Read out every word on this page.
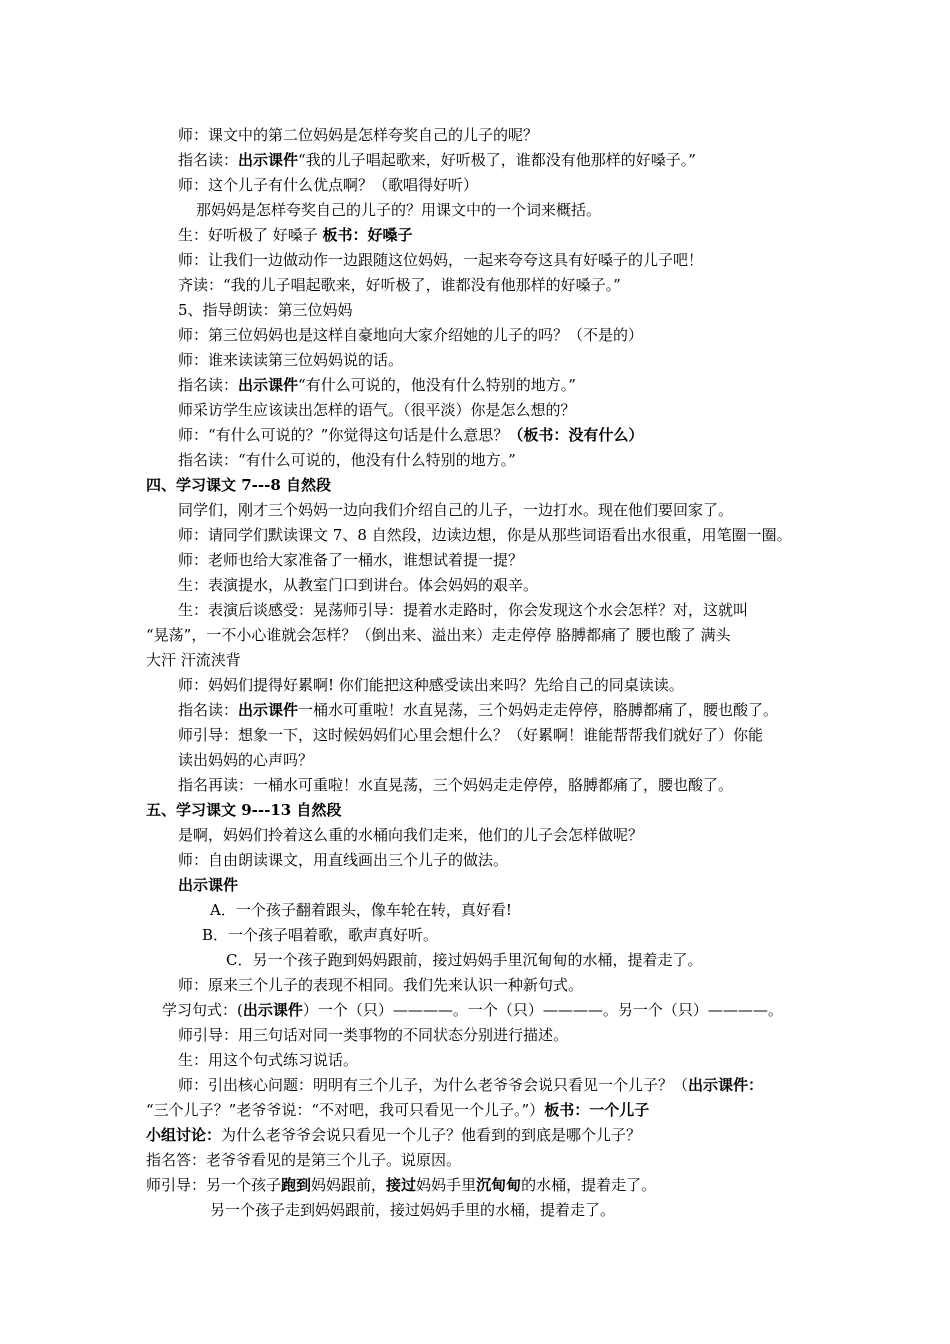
师：课文中的第二位妈妈是怎样夸奖自己的儿子的呢？
指名读：出示课件“我的儿子唱起歌来，好听极了，谁都没有他那样的好嗓子。”
师：这个儿子有什么优点啊？（歌唱得好听）
那妈妈是怎样夸奖自己的儿子的？用课文中的一个词来概括。
生：好听极了 好嗓子 板书：好嗓子
师：让我们一边做动作一边跟随这位妈妈，一起来夸夸这具有好嗓子的儿子吧！
齐读：“我的儿子唱起歌来，好听极了，谁都没有他那样的好嗓子。”
5、指导朗读：第三位妈妈
师：第三位妈妈也是这样自豪地向大家介绍她的儿子的吗？（不是的）
师：谁来读读第三位妈妈说的话。
指名读：出示课件“有什么可说的，他没有什么特别的地方。”
师采访学生应该读出怎样的语气。（很平淡）你是怎么想的？
师：“有什么可说的？”你觉得这句话是什么意思？（板书：没有什么）
指名读：“有什么可说的，他没有什么特别的地方。”
四、学习课文 7---8 自然段
同学们，刚才三个妈妈一边向我们介绍自己的儿子，一边打水。现在他们要回家了。
师：请同学们默读课文 7、8 自然段，边读边想，你是从那些词语看出水很重，用笔圈一圈。
师：老师也给大家准备了一桶水，谁想试着提一提？
生：表演提水，从教室门口到讲台。体会妈妈的艰辛。
生：表演后谈感受：晃荡师引导：提着水走路时，你会发现这个水会怎样？对，这就叫
“晃荡”，一不小心谁就会怎样？（倒出来、溢出来）走走停停 胳膊都痛了 腰也酸了 满头
大汗 汗流浃背
师：妈妈们提得好累啊! 你们能把这种感受读出来吗？先给自己的同桌读读。
指名读：出示课件一桶水可重啦！水直晃荡，三个妈妈走走停停，胳膊都痛了，腰也酸了。
师引导：想象一下，这时候妈妈们心里会想什么？（好累啊！谁能帮帮我们就好了）你能
读出妈妈的心声吗？
指名再读：一桶水可重啦！水直晃荡，三个妈妈走走停停，胳膊都痛了，腰也酸了。
五、学习课文 9---13 自然段
是啊，妈妈们拎着这么重的水桶向我们走来，他们的儿子会怎样做呢？
师：自由朗读课文，用直线画出三个儿子的做法。
出示课件
A．一个孩子翻着跟头，像车轮在转，真好看!
B．一个孩子唱着歌，歌声真好听。
C．另一个孩子跑到妈妈跟前，接过妈妈手里沉甸甸的水桶，提着走了。
师：原来三个儿子的表现不相同。我们先来认识一种新句式。
学习句式：(出示课件）一个（只）————。一个（只）————。另一个（只）————。
师引导：用三句话对同一类事物的不同状态分别进行描述。
生：用这个句式练习说话。
师：引出核心问题：明明有三个儿子，为什么老爷爷会说只看见一个儿子？（出示课件：
“三个儿子？”老爷爷说：“不对吧，我可只看见一个儿子。”）板书：一个儿子
小组讨论：为什么老爷爷会说只看见一个儿子？他看到的到底是哪个儿子？
指名答：老爷爷看见的是第三个儿子。说原因。
师引导：另一个孩子跑到妈妈跟前，接过妈妈手里沉甸甸的水桶，提着走了。
另一个孩子走到妈妈跟前，接过妈妈手里的水桶，提着走了。
